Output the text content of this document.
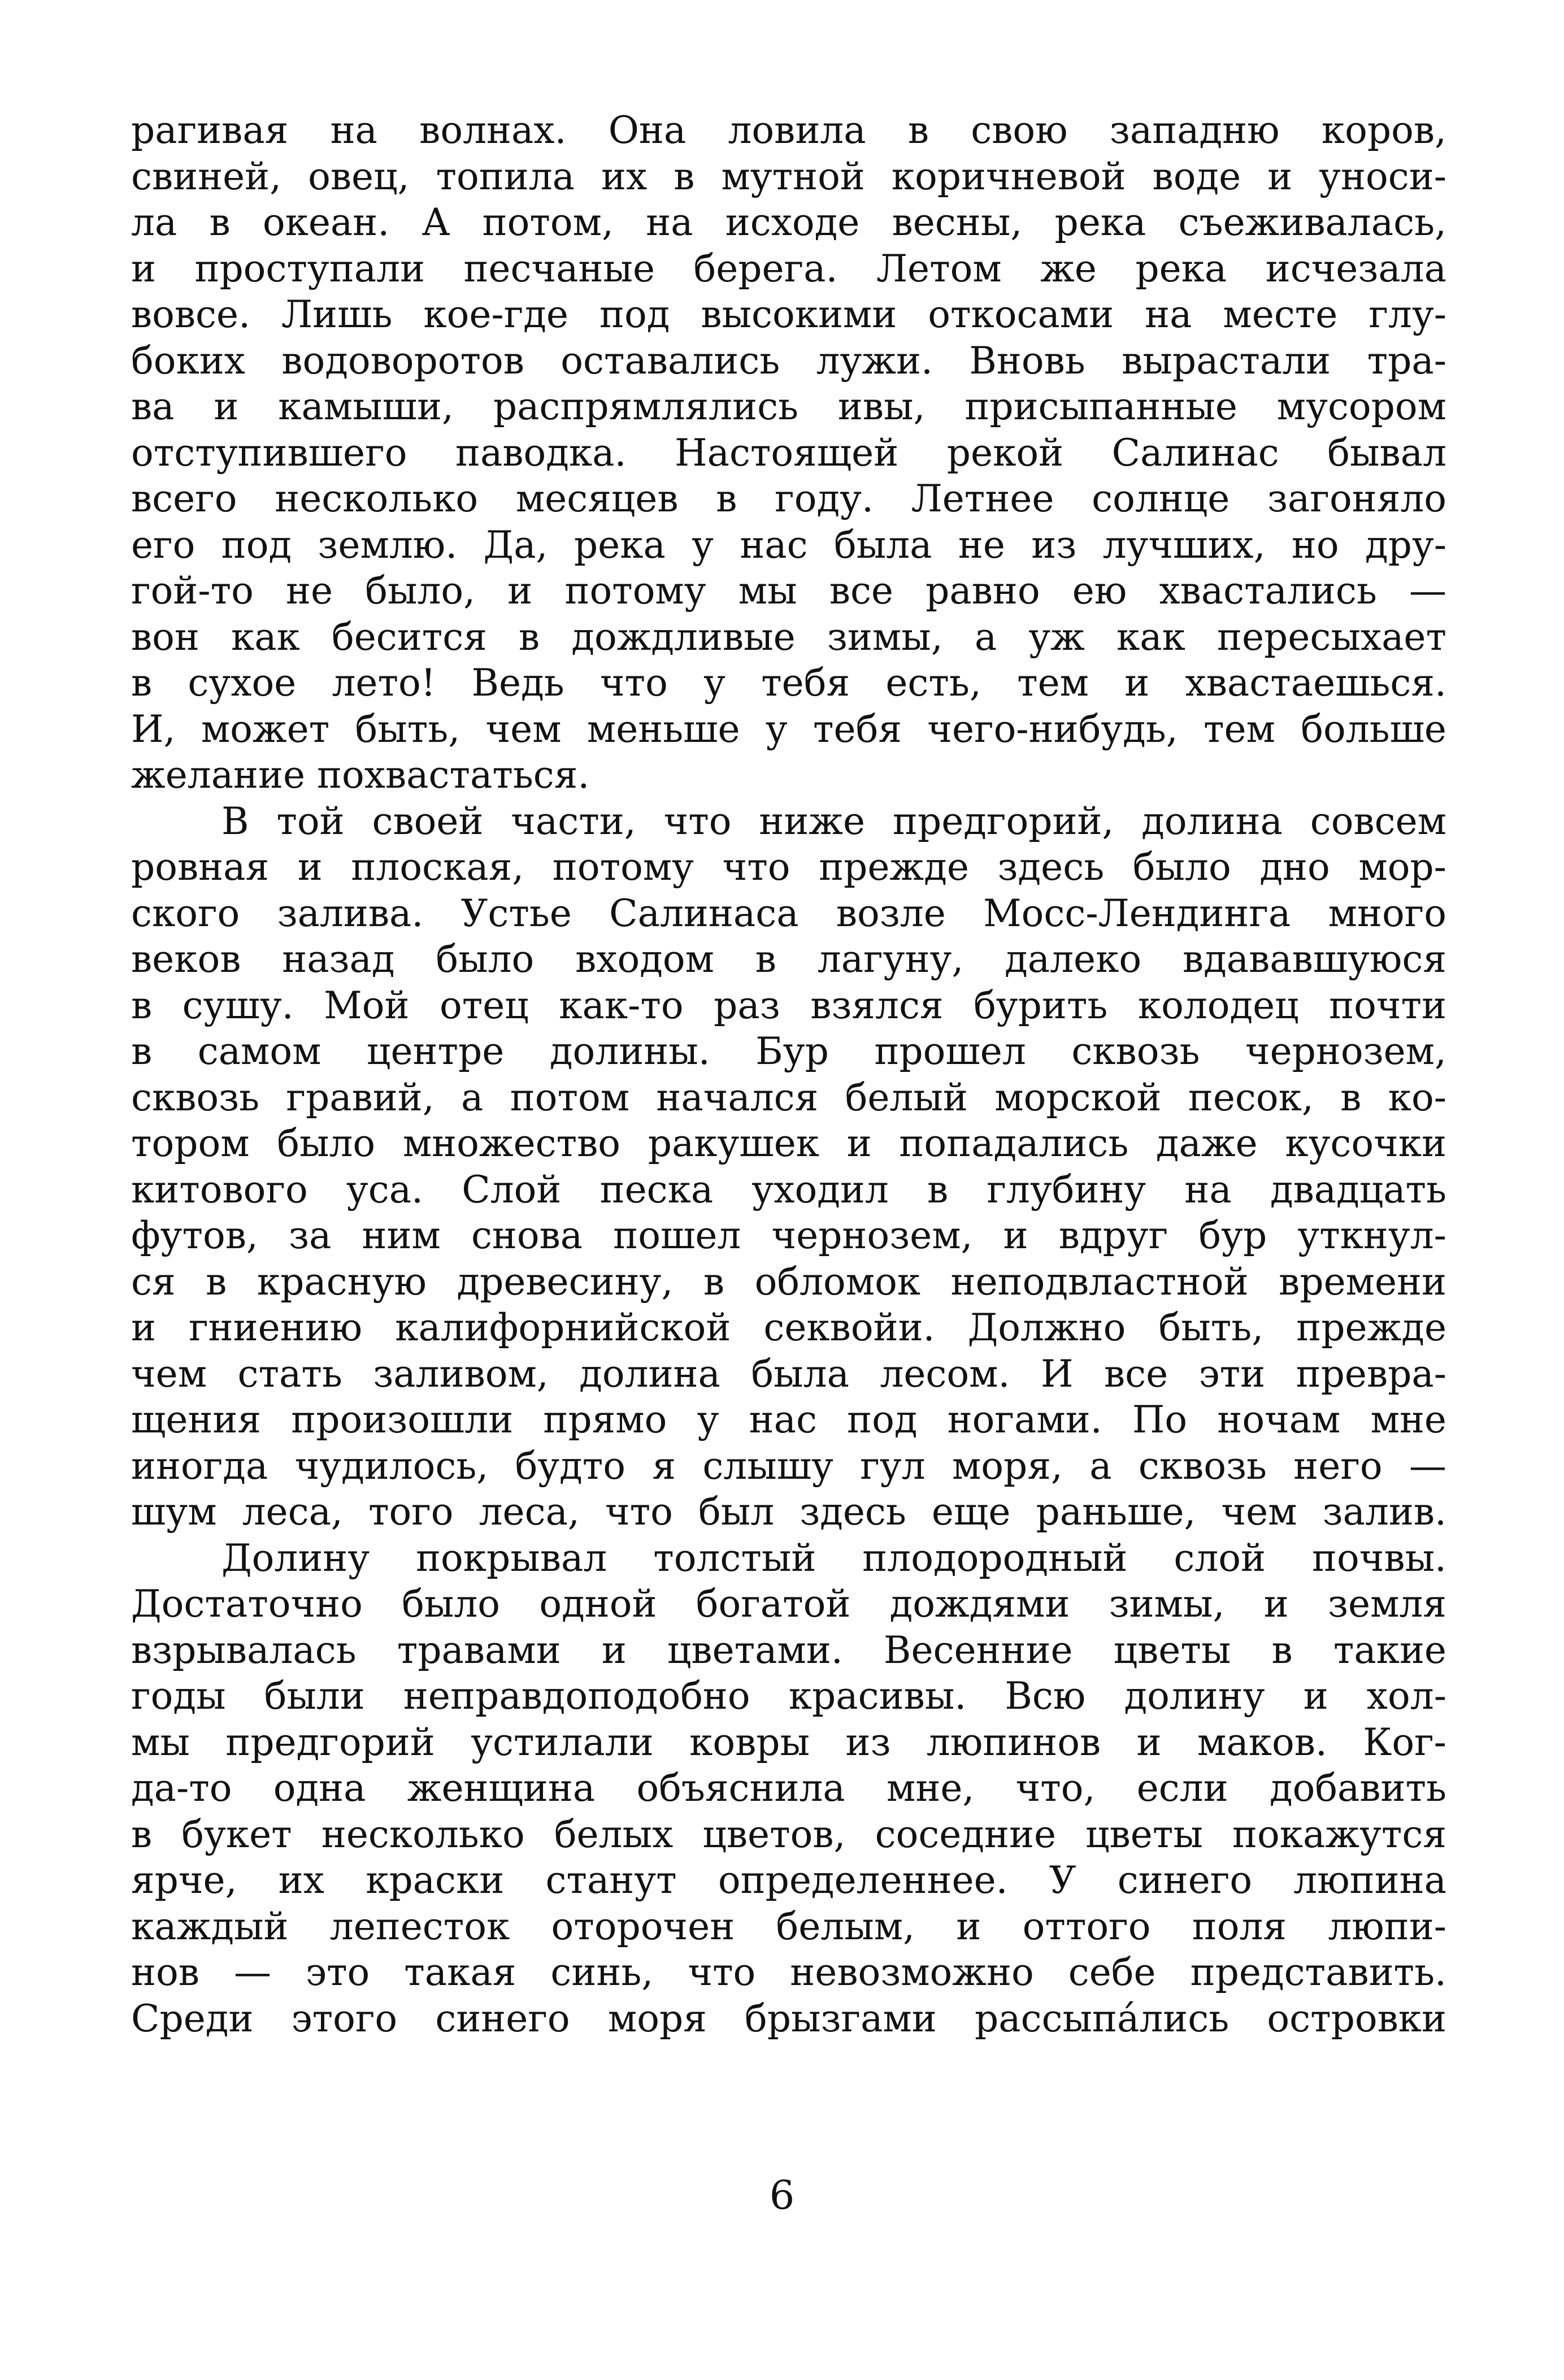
рагивая на волнах. Она ловила в свою западню коров,
свиней, овец, топила их в мутной коричневой воде и уноси-
ла в океан. А потом, на исходе весны, река съеживалась,
и проступали песчаные берега. Летом же река исчезала
вовсе. Лишь кое-где под высокими откосами на месте глу-
боких водоворотов оставались лужи. Вновь вырастали тра-
ва и камыши, распрямлялись ивы, присыпанные мусором
отступившего паводка. Настоящей рекой Салинас бывал
всего несколько месяцев в году. Летнее солнце загоняло
его под землю. Да, река у нас была не из лучших, но дру-
гой-то не было, и потому мы все равно ею хвастались —
вон как бесится в дождливые зимы, а уж как пересыхает
в сухое лето! Ведь что у тебя есть, тем и хвастаешься.
И, может быть, чем меньше у тебя чего-нибудь, тем больше
желание похвастаться.
В той своей части, что ниже предгорий, долина совсем
ровная и плоская, потому что прежде здесь было дно мор-
ского залива. Устье Салинаса возле Мосс-Лендинга много
веков назад было входом в лагуну, далеко вдававшуюся
в сушу. Мой отец как-то раз взялся бурить колодец почти
в самом центре долины. Бур прошел сквозь чернозем,
сквозь гравий, а потом начался белый морской песок, в ко-
тором было множество ракушек и попадались даже кусочки
китового уса. Слой песка уходил в глубину на двадцать
футов, за ним снова пошел чернозем, и вдруг бур уткнул-
ся в красную древесину, в обломок неподвластной времени
и гниению калифорнийской секвойи. Должно быть, прежде
чем стать заливом, долина была лесом. И все эти превра-
щения произошли прямо у нас под ногами. По ночам мне
иногда чудилось, будто я слышу гул моря, а сквозь него —
шум леса, того леса, что был здесь еще раньше, чем залив.
Долину покрывал толстый плодородный слой почвы.
Достаточно было одной богатой дождями зимы, и земля
взрывалась травами и цветами. Весенние цветы в такие
годы были неправдоподобно красивы. Всю долину и хол-
мы предгорий устилали ковры из люпинов и маков. Ког-
да-то одна женщина объяснила мне, что, если добавить
в букет несколько белых цветов, соседние цветы покажутся
ярче, их краски станут определеннее. У синего люпина
каждый лепесток оторочен белым, и оттого поля люпи-
нов — это такая синь, что невозможно себе представить.
Среди этого синего моря брызгами рассыпáлись островки
6
